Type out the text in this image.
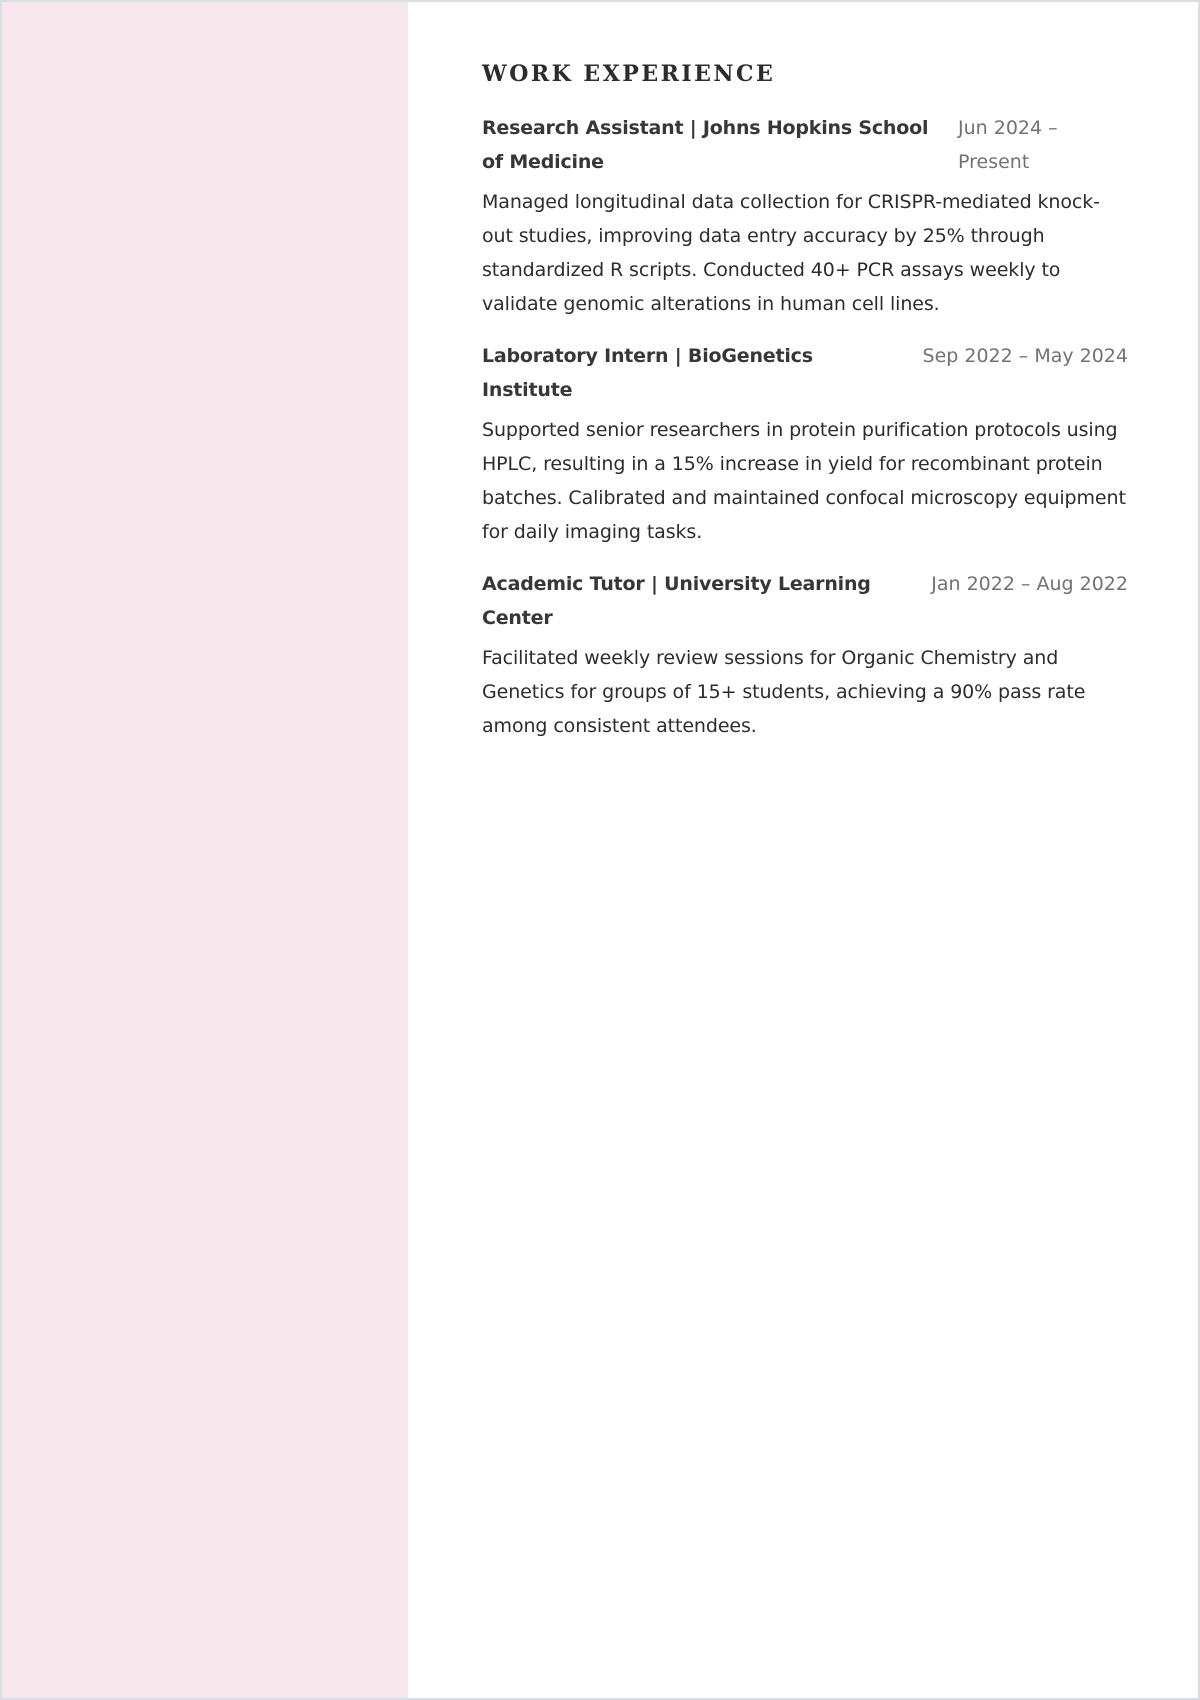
WORK EXPERIENCE
Research Assistant | Johns Hopkins School of Medicine
Jun 2024 – Present

Managed longitudinal data collection for CRISPR-mediated knock-out studies, improving data entry accuracy by 25% through standardized R scripts. Conducted 40+ PCR assays weekly to validate genomic alterations in human cell lines.

Laboratory Intern | BioGenetics Institute
Sep 2022 – May 2024

Supported senior researchers in protein purification protocols using HPLC, resulting in a 15% increase in yield for recombinant protein batches. Calibrated and maintained confocal microscopy equipment for daily imaging tasks.

Academic Tutor | University Learning Center
Jan 2022 – Aug 2022

Facilitated weekly review sessions for Organic Chemistry and Genetics for groups of 15+ students, achieving a 90% pass rate among consistent attendees.
